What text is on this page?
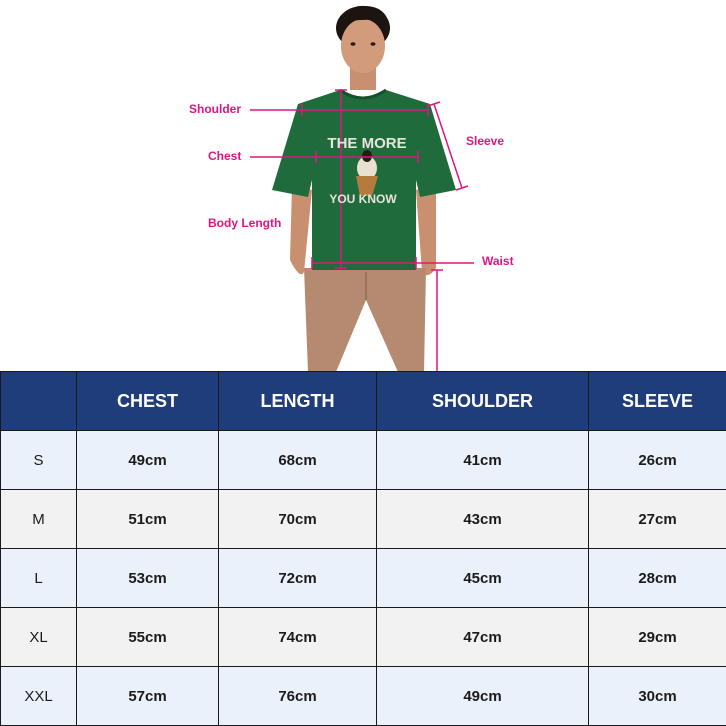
THE MORE
YOU KNOW
Shoulder
Chest
Body Length
Sleeve
Waist
	CHEST	LENGTH	SHOULDER	SLEEVE
S	49cm	68cm	41cm	26cm
M	51cm	70cm	43cm	27cm
L	53cm	72cm	45cm	28cm
XL	55cm	74cm	47cm	29cm
XXL	57cm	76cm	49cm	30cm
